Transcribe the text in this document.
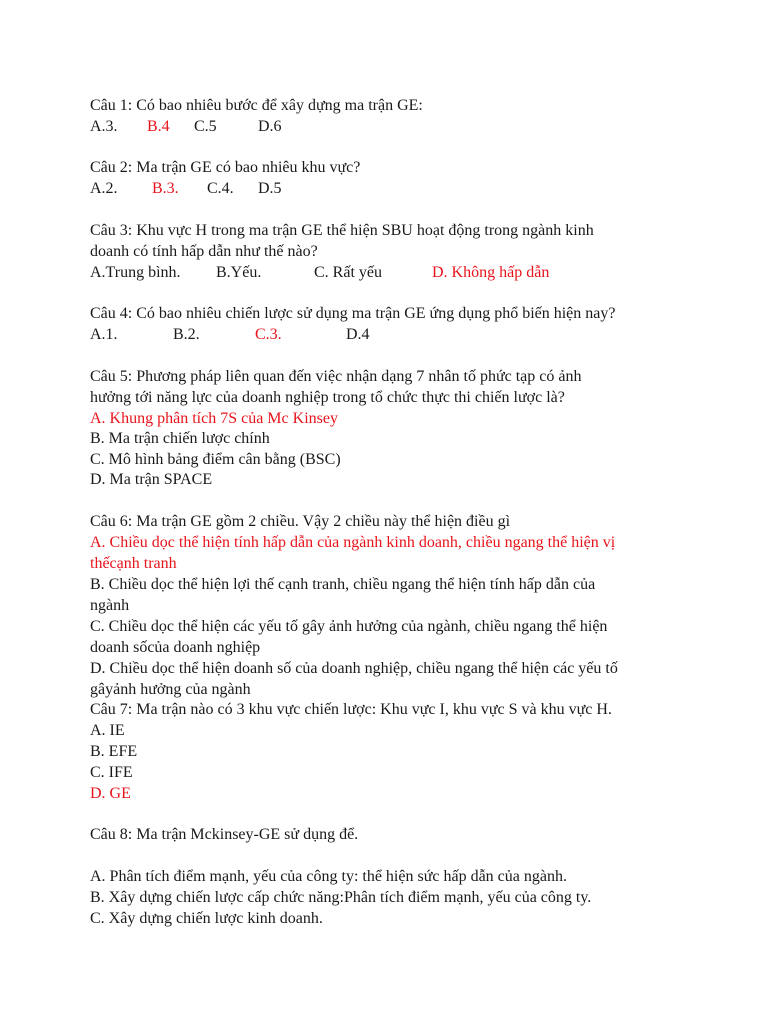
Câu 1: Có bao nhiêu bước để xây dựng ma trận GE:
A.3. B.4 C.5	D.6
Câu 2: Ma trận GE có bao nhiêu khu vực?
A.2. B.3. C.4. D.5
Câu 3: Khu vực H trong ma trận GE thể hiện SBU hoạt động trong ngành kinh
doanh có tính hấp dẫn như thế nào?
A.Trung bình. B.Yếu.	C. Rất yếu	D. Không hấp dẫn
Câu 4: Có bao nhiêu chiến lược sử dụng ma trận GE ứng dụng phổ biến hiện nay?
A.1.	B.2.	C.3.	D.4
Câu 5: Phương pháp liên quan đến việc nhận dạng 7 nhân tố phức tạp có ảnh
hưởng tới năng lực của doanh nghiệp trong tổ chức thực thi chiến lược là?
A. Khung phân tích 7S của Mc Kinsey
B. Ma trận chiến lược chính
C. Mô hình bảng điểm cân bằng (BSC)
D. Ma trận SPACE
Câu 6: Ma trận GE gồm 2 chiều. Vậy 2 chiều này thể hiện điều gì
A. Chiều dọc thể hiện tính hấp dẫn của ngành kinh doanh, chiều ngang thể hiện vị
thếcạnh tranh
B. Chiều dọc thể hiện lợi thế cạnh tranh, chiều ngang thể hiện tính hấp dẫn của
ngành
C. Chiều dọc thể hiện các yếu tố gây ảnh hưởng của ngành, chiều ngang thể hiện
doanh sốcủa doanh nghiệp
D. Chiều dọc thể hiện doanh số của doanh nghiệp, chiều ngang thể hiện các yếu tố
gâyảnh hưởng của ngành
Câu 7: Ma trận nào có 3 khu vực chiến lược: Khu vực I, khu vực S và khu vực H.
A. IE
B. EFE
C. IFE
D. GE
Câu 8: Ma trận Mckinsey-GE sử dụng để.
A. Phân tích điểm mạnh, yếu của công ty: thể hiện sức hấp dẫn của ngành.
B. Xây dựng chiến lược cấp chức năng:Phân tích điểm mạnh, yếu của công ty.
C. Xây dựng chiến lược kinh doanh.
